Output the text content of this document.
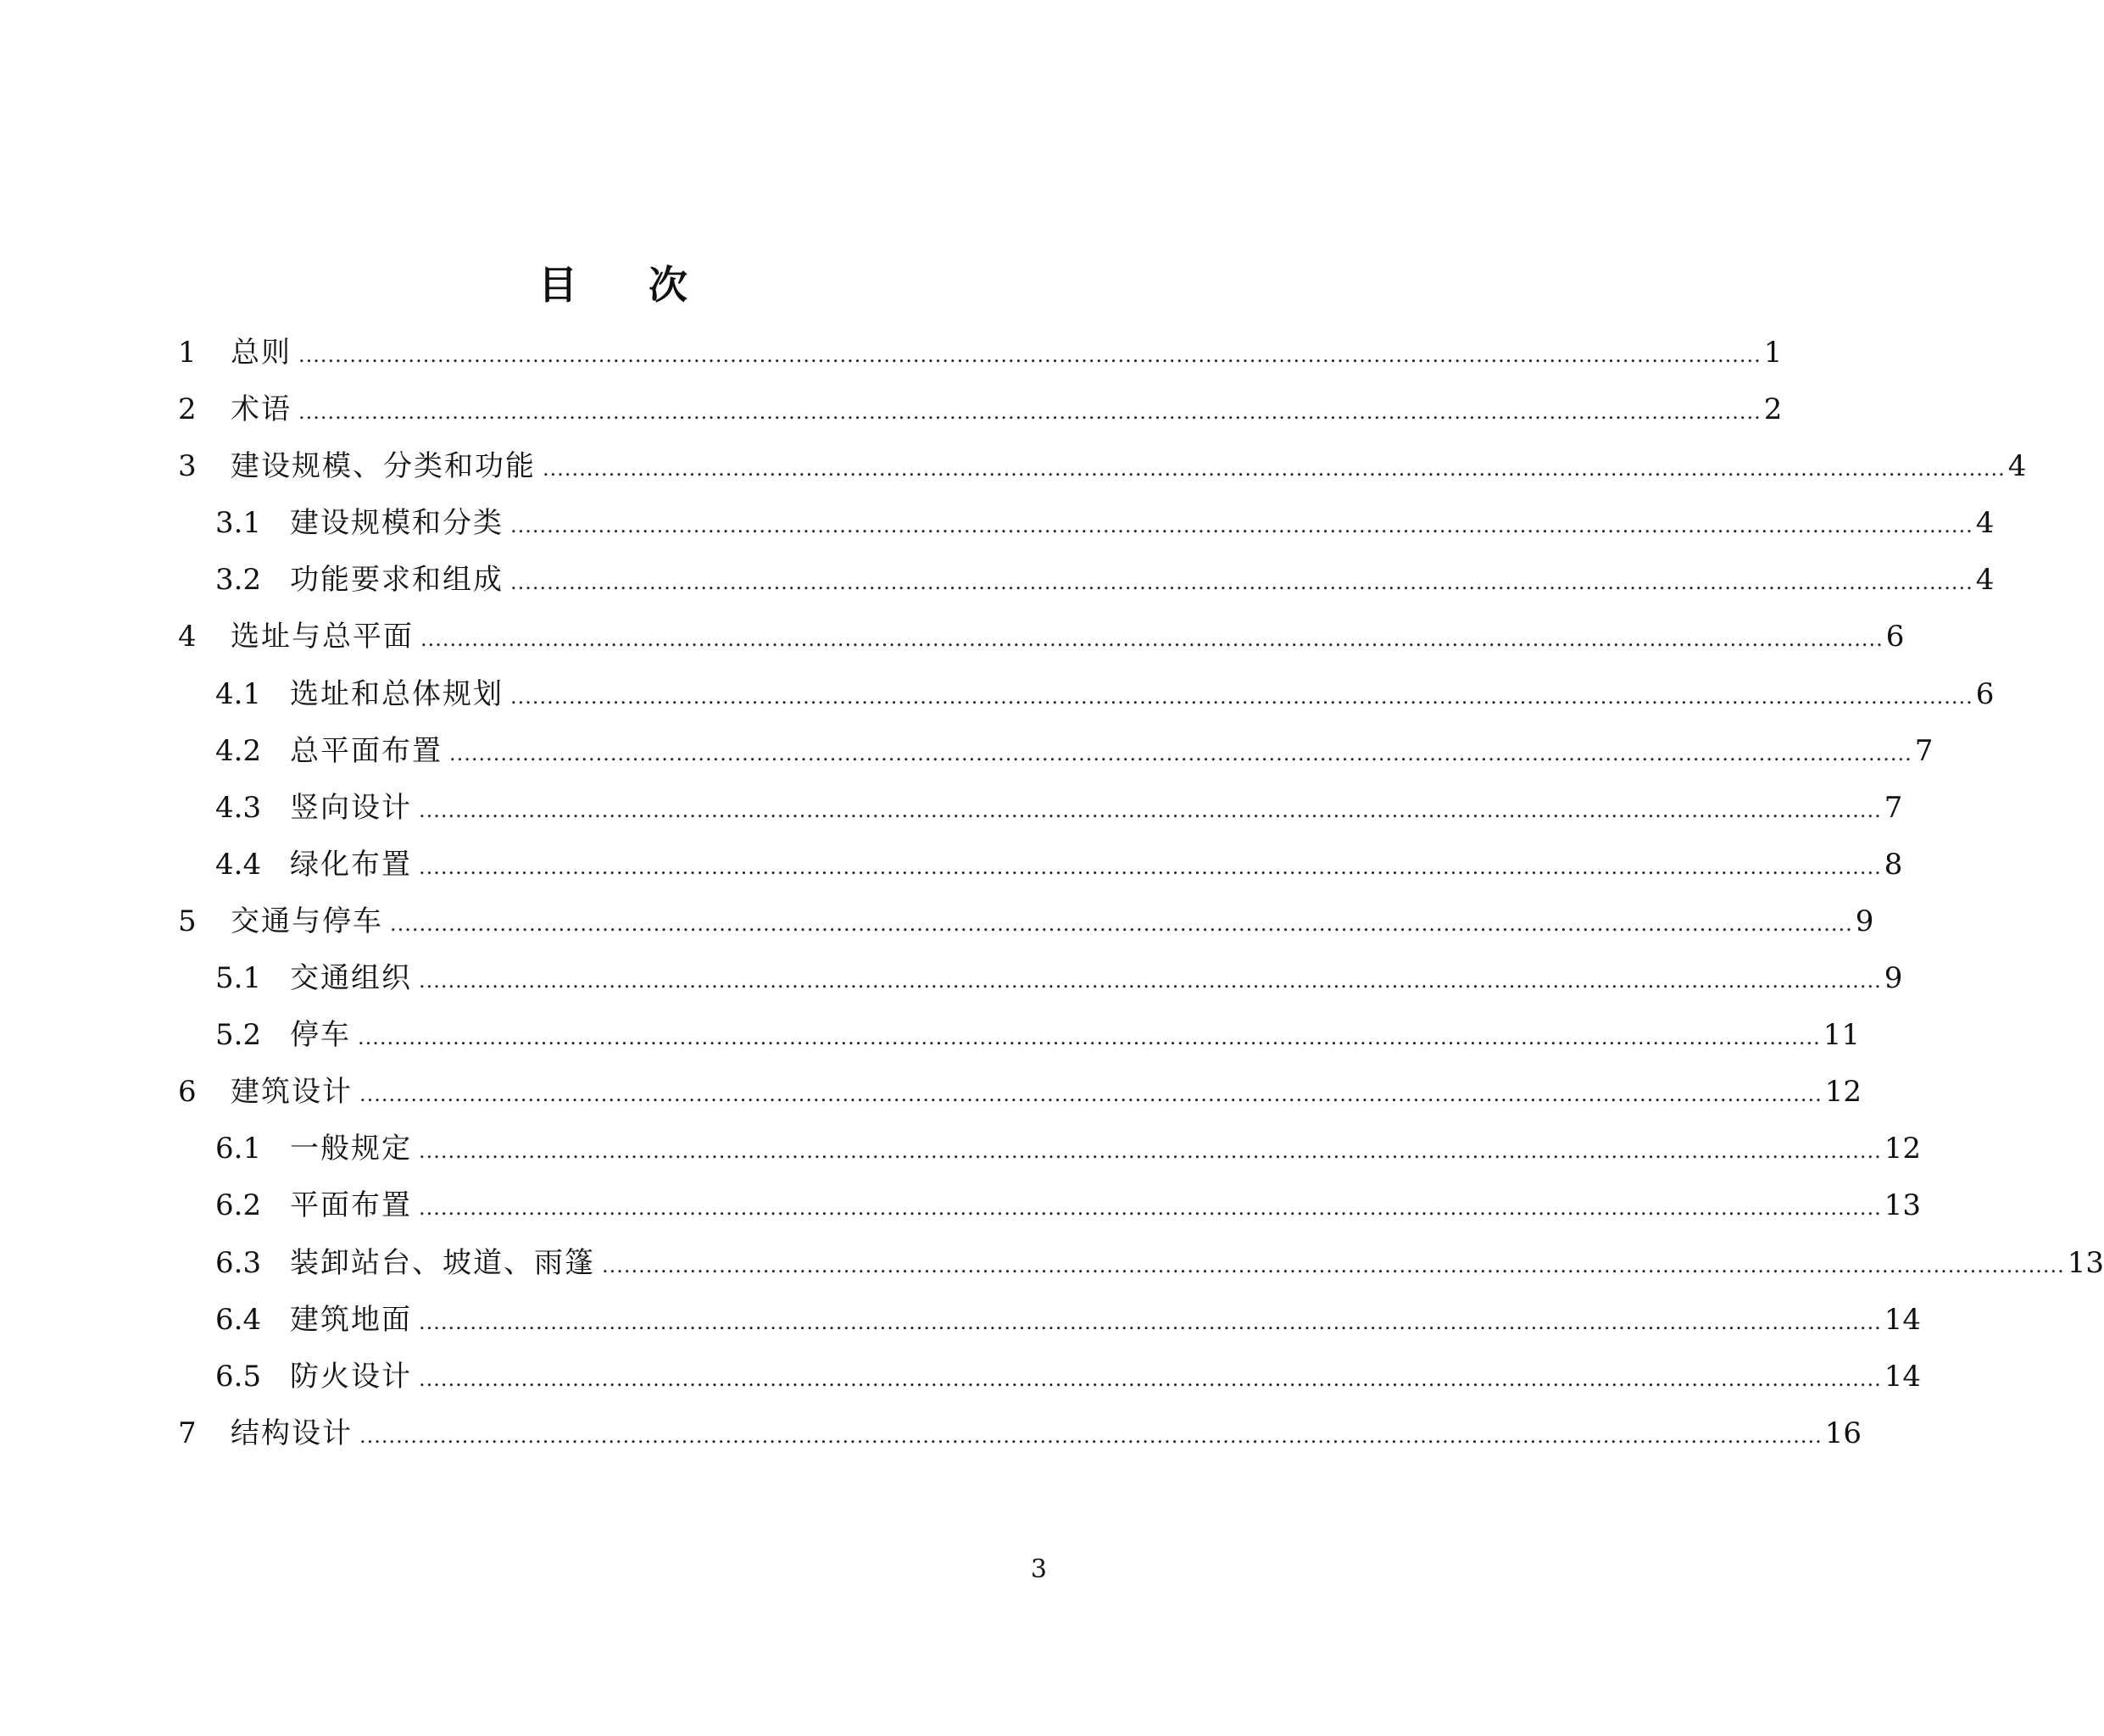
目 次
1	总则 ........................................................................................................................................................................................................ 1
2	术语 ........................................................................................................................................................................................................ 2
3	建设规模、分类和功能 ........................................................................................................................................................................................................ 4
3.1 建设规模和分类 ........................................................................................................................................................................................................ 4
3.2 功能要求和组成 ........................................................................................................................................................................................................ 4
4	选址与总平面 ........................................................................................................................................................................................................ 6
4.1 选址和总体规划 ........................................................................................................................................................................................................ 6
4.2 总平面布置 ........................................................................................................................................................................................................ 7
4.3 竖向设计 ........................................................................................................................................................................................................ 7
4.4 绿化布置 ........................................................................................................................................................................................................ 8
5	交通与停车 ........................................................................................................................................................................................................ 9
5.1 交通组织 ........................................................................................................................................................................................................ 9
5.2 停车 ........................................................................................................................................................................................................ 11
6	建筑设计 ........................................................................................................................................................................................................ 12
6.1 一般规定 ........................................................................................................................................................................................................ 12
6.2 平面布置 ........................................................................................................................................................................................................ 13
6.3 装卸站台、坡道、雨篷 ........................................................................................................................................................................................................ 13
6.4 建筑地面 ........................................................................................................................................................................................................ 14
6.5 防火设计 ........................................................................................................................................................................................................ 14
7	结构设计 ........................................................................................................................................................................................................ 16
3
